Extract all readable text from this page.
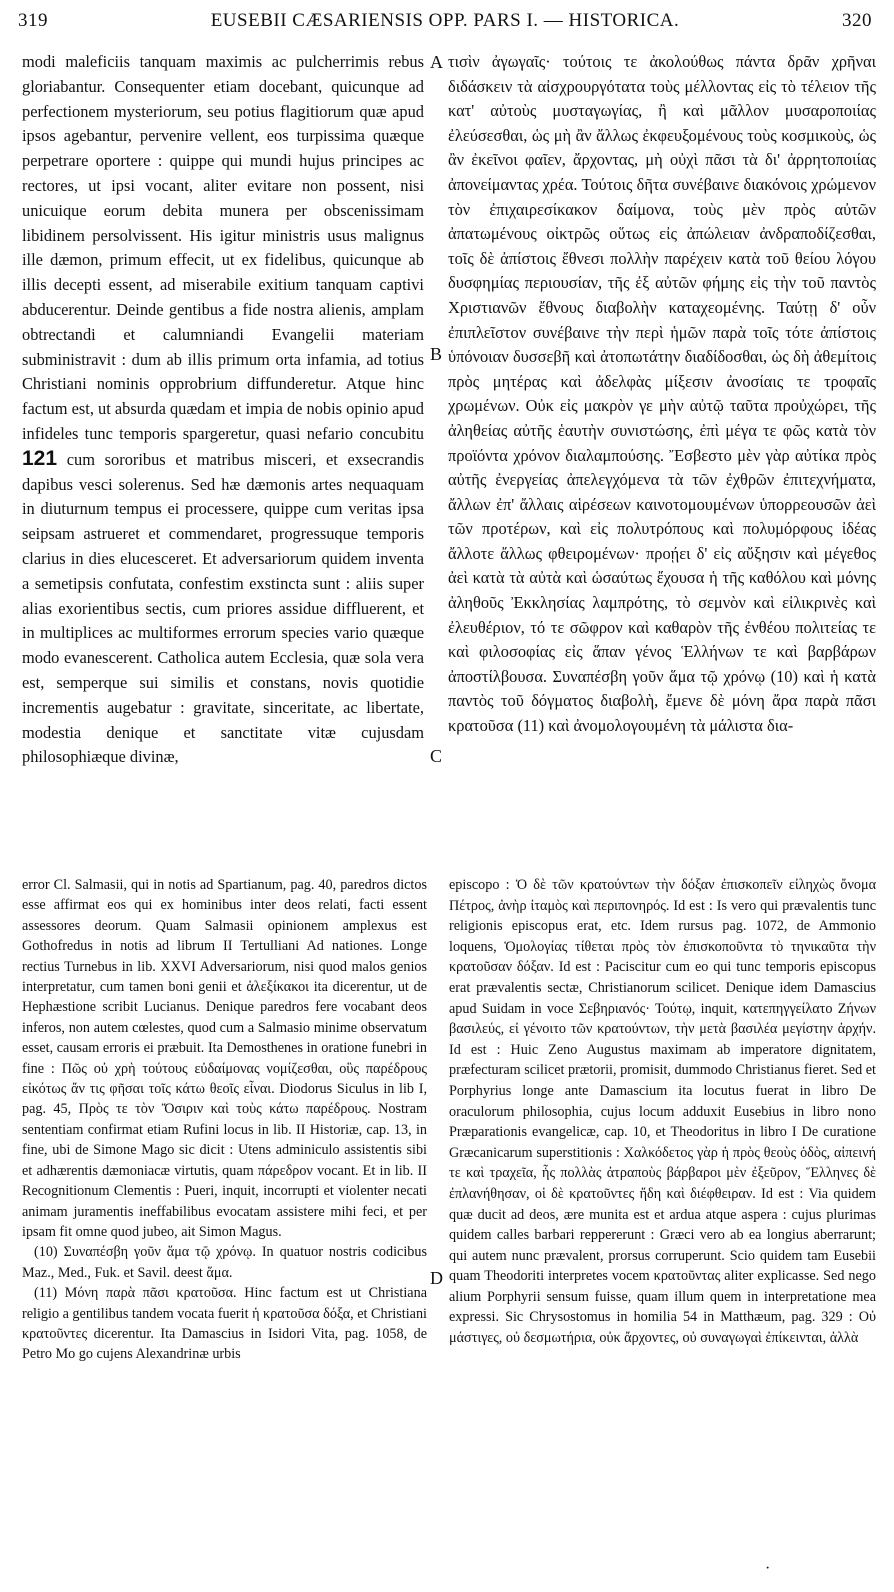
319	EUSEBII CÆSARIENSIS OPP. PARS I. — HISTORICA.	320
A
B
C
D

modi maleficiis tanquam maximis ac pulcherrimis rebus gloriabantur. Consequenter etiam docebant, quicunque ad perfectionem mysteriorum, seu potius flagitiorum quæ apud ipsos agebantur, pervenire vellent, eos turpissima quæque perpetrare oportere : quippe qui mundi hujus principes ac rectores, ut ipsi vocant, aliter evitare non possent, nisi unicuique eorum debita munera per obscenissimam libidinem persolvissent. His igitur ministris usus malignus ille dæmon, primum effecit, ut ex fidelibus, quicunque ab illis decepti essent, ad miserabile exitium tanquam captivi abducerentur. Deinde gentibus a fide nostra alienis, amplam obtrectandi et calumniandi Evangelii materiam subministravit : dum ab illis primum orta infamia, ad totius Christiani nominis opprobrium diffunderetur. Atque hinc factum est, ut absurda quædam et impia de nobis opinio apud infideles tunc temporis spargeretur, quasi nefario concubitu 121 cum sororibus et matribus misceri, et exsecrandis dapibus vesci solerenus. Sed hæ dæmonis artes nequaquam in diuturnum tempus ei processere, quippe cum veritas ipsa seipsam astrueret et commendaret, progressuque temporis clarius in dies elucesceret. Et adversariorum quidem inventa a semetipsis confutata, confestim exstincta sunt : aliis super alias exorientibus sectis, cum priores assidue diffluerent, et in multiplices ac multiformes errorum species vario quæque modo evanescerent. Catholica autem Ecclesia, quæ sola vera est, semperque sui similis et constans, novis quotidie incrementis augebatur : gravitate, sinceritate, ac libertate, modestia denique et sanctitate vitæ cujusdam philosophiæque divinæ,

τισὶν ἀγωγαῖς· τούτοις τε ἀκολούθως πάντα δρᾶν χρῆναι διδάσκειν τὰ αἰσχρουργότατα τοὺς μέλλοντας εἰς τὸ τέλειον τῆς κατ' αὐτοὺς μυσταγωγίας, ἢ καὶ μᾶλλον μυσαροποιίας ἐλεύσεσθαι, ὡς μὴ ἂν ἄλλως ἐκφευξομένους τοὺς κοσμικοὺς, ὡς ἂν ἐκεῖνοι φαῖεν, ἄρχοντας, μὴ οὐχὶ πᾶσι τὰ δι' ἀρρητοποιίας ἀπονείμαντας χρέα. Τούτοις δῆτα συνέβαινε διακόνοις χρώμενον τὸν ἐπιχαιρεσίκακον δαίμονα, τοὺς μὲν πρὸς αὐτῶν ἀπατωμένους οἰκτρῶς οὕτως εἰς ἀπώλειαν ἀνδραποδίζεσθαι, τοῖς δὲ ἀπίστοις ἔθνεσι πολλὴν παρέχειν κατὰ τοῦ θείου λόγου δυσφημίας περιουσίαν, τῆς ἐξ αὐτῶν φήμης εἰς τὴν τοῦ παντὸς Χριστιανῶν ἔθνους διαβολὴν καταχεομένης. Ταύτῃ δ' οὖν ἐπιπλεῖστον συνέβαινε τὴν περὶ ἡμῶν παρὰ τοῖς τότε ἀπίστοις ὑπόνοιαν δυσσεβῆ καὶ ἀτοπωτάτην διαδίδοσθαι, ὡς δὴ ἀθεμίτοις πρὸς μητέρας καὶ ἀδελφὰς μίξεσιν ἀνοσίαις τε τροφαῖς χρωμένων. Οὐκ εἰς μακρὸν γε μὴν αὐτῷ ταῦτα προὐχώρει, τῆς ἀληθείας αὐτῆς ἑαυτὴν συνιστώσης, ἐπὶ μέγα τε φῶς κατὰ τὸν προϊόντα χρόνον διαλαμπούσης. Ἔσβεστο μὲν γὰρ αὐτίκα πρὸς αὐτῆς ἐνεργείας ἀπελεγχόμενα τὰ τῶν ἐχθρῶν ἐπιτεχνήματα, ἄλλων ἐπ' ἄλλαις αἱρέσεων καινοτομουμένων ὑπορρεουσῶν ἀεὶ τῶν προτέρων, καὶ εἰς πολυτρόπους καὶ πολυμόρφους ἰδέας ἄλλοτε ἄλλως φθειρομένων· προῄει δ' εἰς αὔξησιν καὶ μέγεθος ἀεὶ κατὰ τὰ αὐτὰ καὶ ὡσαύτως ἔχουσα ἡ τῆς καθόλου καὶ μόνης ἀληθοῦς Ἐκκλησίας λαμπρότης, τὸ σεμνὸν καὶ εἰλικρινὲς καὶ ἐλευθέριον, τό τε σῶφρον καὶ καθαρὸν τῆς ἐνθέου πολιτείας τε καὶ φιλοσοφίας εἰς ἅπαν γένος Ἑλλήνων τε καὶ βαρβάρων ἀποστίλβουσα. Συναπέσβη γοῦν ἅμα τῷ χρόνῳ (10) καὶ ἡ κατὰ παντὸς τοῦ δόγματος διαβολὴ, ἔμενε δὲ μόνη ἄρα παρὰ πᾶσι κρατοῦσα (11) καὶ ἀνομολογουμένη τὰ μάλιστα δια-

error Cl. Salmasii, qui in notis ad Spartianum, pag. 40, paredros dictos esse affirmat eos qui ex hominibus inter deos relati, facti essent assessores deorum. Quam Salmasii opinionem amplexus est Gothofredus in notis ad librum II Tertulliani Ad nationes. Longe rectius Turnebus in lib. XXVI Adversariorum, nisi quod malos genios interpretatur, cum tamen boni genii et ἀλεξίκακοι ita dicerentur, ut de Hephæstione scribit Lucianus. Denique paredros fere vocabant deos inferos, non autem cœlestes, quod cum a Salmasio minime observatum esset, causam erroris ei præbuit. Ita Demosthenes in oratione funebri in fine : Πῶς οὐ χρὴ τούτους εὐδαίμονας νομίζεσθαι, οὓς παρέδρους εἰκότως ἄν τις φῆσαι τοῖς κάτω θεοῖς εἶναι. Diodorus Siculus in lib I, pag. 45, Πρὸς τε τὸν Ὄσιριν καὶ τοὺς κάτω παρέδρους. Nostram sententiam confirmat etiam Rufini locus in lib. II Historiæ, cap. 13, in fine, ubi de Simone Mago sic dicit : Utens adminiculo assistentis sibi et adhærentis dæmoniacæ virtutis, quam πάρεδρον vocant. Et in lib. II Recognitionum Clementis : Pueri, inquit, incorrupti et violenter necati animam juramentis ineffabilibus evocatam assistere mihi feci, et per ipsam fit omne quod jubeo, ait Simon Magus.

(10) Συναπέσβη γοῦν ἅμα τῷ χρόνῳ. In quatuor nostris codicibus Maz., Med., Fuk. et Savil. deest ἅμα.

(11) Μόνη παρὰ πᾶσι κρατοῦσα. Hinc factum est ut Christiana religio a gentilibus tandem vocata fuerit ἡ κρατοῦσα δόξα, et Christiani κρατοῦντες dicerentur. Ita Damascius in Isidori Vita, pag. 1058, de Petro Mo go cujens Alexandrinæ urbis

episcopo : Ὁ δὲ τῶν κρατούντων τὴν δόξαν ἐπισκοπεῖν εἰληχὼς ὄνομα Πέτρος, ἀνὴρ ἰταμὸς καὶ περιπονηρός. Id est : Is vero qui prævalentis tunc religionis episcopus erat, etc. Idem rursus pag. 1072, de Ammonio loquens, Ὁμολογίας τίθεται πρὸς τὸν ἐπισκοποῦντα τὸ τηνικαῦτα τὴν κρατοῦσαν δόξαν. Id est : Paciscitur cum eo qui tunc temporis episcopus erat prævalentis sectæ, Christianorum scilicet. Denique idem Damascius apud Suidam in voce Σεβηριανός· Τούτῳ, inquit, κατεπηγγείλατο Ζήνων βασιλεύς, εἰ γένοιτο τῶν κρατούντων, τὴν μετὰ βασιλέα μεγίστην ἀρχήν. Id est : Huic Zeno Augustus maximam ab imperatore dignitatem, præfecturam scilicet prætorii, promisit, dummodo Christianus fieret. Sed et Porphyrius longe ante Damascium ita locutus fuerat in libro De oraculorum philosophia, cujus locum adduxit Eusebius in libro nono Præparationis evangelicæ, cap. 10, et Theodoritus in libro I De curatione Græcanicarum superstitionis : Χαλκόδετος γὰρ ἡ πρὸς θεοὺς ὁδὸς, αἰπεινή τε καὶ τραχεῖα, ἧς πολλὰς ἀτραποὺς βάρβαροι μὲν ἐξεῦρον, Ἕλληνες δὲ ἐπλανήθησαν, οἱ δὲ κρατοῦντες ἤδη καὶ διέφθειραν. Id est : Via quidem quæ ducit ad deos, ære munita est et ardua atque aspera : cujus plurimas quidem calles barbari reppererunt : Græci vero ab ea longius aberrarunt; qui autem nunc prævalent, prorsus corruperunt. Scio quidem tam Eusebii quam Theodoriti interpretes vocem κρατοῦντας aliter explicasse. Sed nego alium Porphyrii sensum fuisse, quam illum quem in interpretatione mea expressi. Sic Chrysostomus in homilia 54 in Matthæum, pag. 329 : Οὐ μάστιγες, οὐ δεσμωτήρια, οὐκ ἄρχοντες, οὐ συναγωγαὶ ἐπίκεινται, ἀλλὰ

·
